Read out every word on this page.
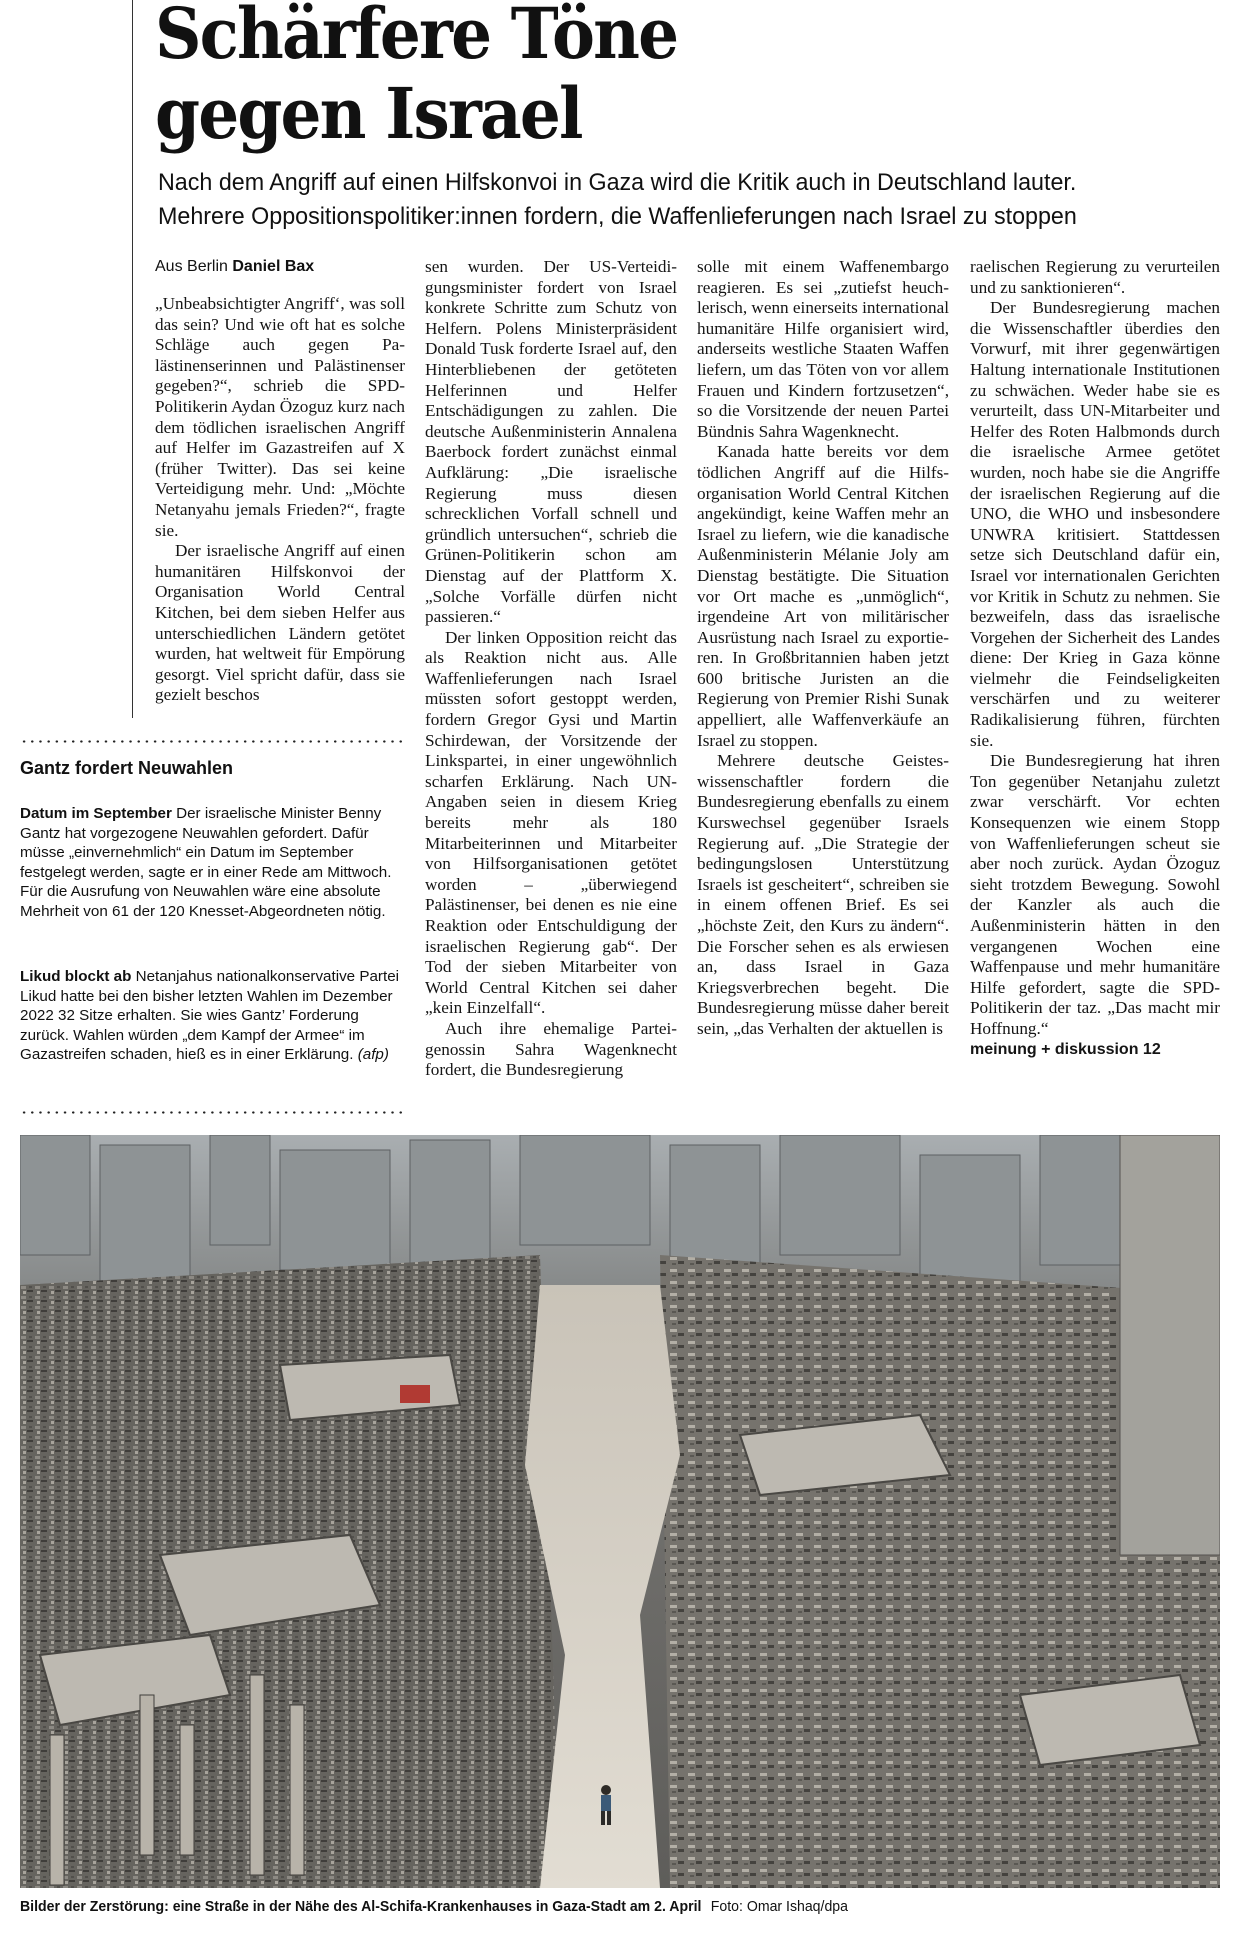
Schärfere Töne
gegen Israel
Nach dem Angriff auf einen Hilfskonvoi in Gaza wird die Kritik auch in Deutschland lauter.
Mehrere Oppositionspolitiker:innen fordern, die Waffenlieferungen nach Israel zu stoppen
Aus Berlin Daniel Bax

„Unbeabsichtigter Angriff‘, was soll das sein? Und wie oft hat es solche Schläge auch gegen Palästinenserinnen und Palästinenser gegeben?“, schrieb die SPD-Politikerin Aydan Özoguz kurz nach dem tödlichen israelischen Angriff auf Helfer im Gazastreifen auf X (früher Twitter). Das sei keine Verteidigung mehr. Und: „Möchte Netanyahu jemals Frieden?“, fragte sie.

Der israelische Angriff auf einen humanitären Hilfskonvoi der Organisation World Central Kitchen, bei dem sieben Helfer aus unterschiedlichen Ländern getötet wurden, hat weltweit für Empörung gesorgt. Viel spricht dafür, dass sie gezielt beschos

sen wurden. Der US-Verteidigungsminister fordert von Israel konkrete Schritte zum Schutz von Helfern. Polens Ministerpräsident Donald Tusk forderte Israel auf, den Hinterbliebenen der getöteten Helferinnen und Helfer Entschädigungen zu zahlen. Die deutsche Außenministerin Annalena Baerbock fordert zunächst einmal Aufklärung: „Die israelische Regierung muss diesen schrecklichen Vorfall schnell und gründlich untersuchen“, schrieb die Grünen-Politikerin schon am Dienstag auf der Plattform X. „Solche Vorfälle dürfen nicht passieren.“

Der linken Opposition reicht das als Reaktion nicht aus. Alle Waffenlieferungen nach Israel müssten sofort gestoppt werden, fordern Gregor Gysi und Martin Schirdewan, der Vorsitzende der Linkspartei, in einer ungewöhnlich scharfen Erklärung. Nach UN-Angaben seien in diesem Krieg bereits mehr als 180 Mitarbeiterinnen und Mitarbeiter von Hilfsorganisationen getötet worden – „überwiegend Palästinenser, bei denen es nie eine Reaktion oder Entschuldigung der israelischen Regierung gab“. Der Tod der sieben Mitarbeiter von World Central Kitchen sei daher „kein Einzelfall“.

Auch ihre ehemalige Parteigenossin Sahra Wagenknecht fordert, die Bundesregierung

solle mit einem Waffenembargo reagieren. Es sei „zutiefst heuchlerisch, wenn einerseits international humanitäre Hilfe organisiert wird, anderseits westliche Staaten Waffen liefern, um das Töten von vor allem Frauen und Kindern fortzusetzen“, so die Vorsitzende der neuen Partei Bündnis Sahra Wagenknecht.

Kanada hatte bereits vor dem tödlichen Angriff auf die Hilfsorganisation World Central Kitchen angekündigt, keine Waffen mehr an Israel zu liefern, wie die kanadische Außenministerin Mélanie Joly am Dienstag bestätigte. Die Situation vor Ort mache es „unmöglich“, irgendeine Art von militärischer Ausrüstung nach Israel zu exportieren. In Großbritannien haben jetzt 600 britische Juristen an die Regierung von Premier Rishi Sunak appelliert, alle Waffenverkäufe an Israel zu stoppen.

Mehrere deutsche Geisteswissenschaftler fordern die Bundesregierung ebenfalls zu einem Kurswechsel gegenüber Israels Regierung auf. „Die Strategie der bedingungslosen Unterstützung Israels ist gescheitert“, schreiben sie in einem offenen Brief. Es sei „höchste Zeit, den Kurs zu ändern“. Die Forscher sehen es als erwiesen an, dass Israel in Gaza Kriegsverbrechen begeht. Die Bundesregierung müsse daher bereit sein, „das Verhalten der aktuellen is

raelischen Regierung zu verurteilen und zu sanktionieren“.

Der Bundesregierung machen die Wissenschaftler überdies den Vorwurf, mit ihrer gegenwärtigen Haltung internationale Institutionen zu schwächen. Weder habe sie es verurteilt, dass UN-Mitarbeiter und Helfer des Roten Halbmonds durch die israelische Armee getötet wurden, noch habe sie die Angriffe der israelischen Regierung auf die UNO, die WHO und insbesondere UNWRA kritisiert. Stattdessen setze sich Deutschland dafür ein, Israel vor internationalen Gerichten vor Kritik in Schutz zu nehmen. Sie bezweifeln, dass das israelische Vorgehen der Sicherheit des Landes diene: Der Krieg in Gaza könne vielmehr die Feindseligkeiten verschärfen und zu weiterer Radikalisierung führen, fürchten sie.

Die Bundesregierung hat ihren Ton gegenüber Netanjahu zuletzt zwar verschärft. Vor echten Konsequenzen wie einem Stopp von Waffenlieferungen scheut sie aber noch zurück. Aydan Özoguz sieht trotzdem Bewegung. Sowohl der Kanzler als auch die Außenministerin hätten in den vergangenen Wochen eine Waffenpause und mehr humanitäre Hilfe gefordert, sagte die SPD-Politikerin der taz. „Das macht mir Hoffnung.“

meinung + diskussion 12

Gantz fordert Neuwahlen
Datum im September Der israelische Minister Benny Gantz hat vorgezogene Neuwahlen gefordert. Dafür müsse „einvernehmlich“ ein Datum im September festgelegt werden, sagte er in einer Rede am Mittwoch. Für die Ausrufung von Neuwahlen wäre eine absolute Mehrheit von 61 der 120 Knesset-Abgeordneten nötig.
Likud blockt ab Netanjahus nationalkonservative Partei Likud hatte bei den bisher letzten Wahlen im Dezember 2022 32 Sitze erhalten. Sie wies Gantz’ Forderung zurück. Wahlen würden „dem Kampf der Armee“ im Gazastreifen schaden, hieß es in einer Erklärung. (afp)
Bilder der Zerstörung: eine Straße in der Nähe des Al-Schifa-Krankenhauses in Gaza-Stadt am 2. April Foto: Omar Ishaq/dpa
